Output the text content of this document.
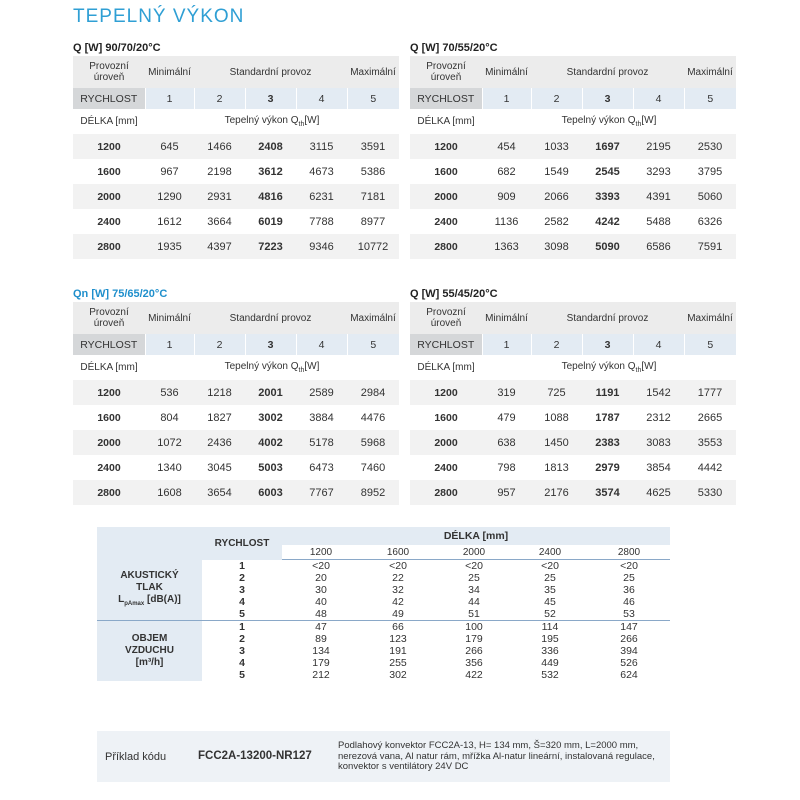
TEPELNÝ VÝKON
Q [W] 90/70/20°C
Provozní úroveň	Minimální	Standardní provoz			Maximální
RYCHLOST	1	2	3	4	5
DÉLKA [mm]	Tepelný výkon $Q_{th}[W]$				
1200	645	1466	2408	3115	3591
1600	967	2198	3612	4673	5386
2000	1290	2931	4816	6231	7181
2400	1612	3664	6019	7788	8977
2800	1935	4397	7223	9346	10772
Q [W] 70/55/20°C
Provozní úroveň	Minimální	Standardní provoz			Maximální
RYCHLOST	1	2	3	4	5
DÉLKA [mm]	Tepelný výkon $Q_{th}[W]$				
1200	454	1033	1697	2195	2530
1600	682	1549	2545	3293	3795
2000	909	2066	3393	4391	5060
2400	1136	2582	4242	5488	6326
2800	1363	3098	5090	6586	7591
Qn [W] 75/65/20°C
Provozní úroveň	Minimální	Standardní provoz			Maximální
RYCHLOST	1	2	3	4	5
DÉLKA [mm]	Tepelný výkon $Q_{th}[W]$				
1200	536	1218	2001	2589	2984
1600	804	1827	3002	3884	4476
2000	1072	2436	4002	5178	5968
2400	1340	3045	5003	6473	7460
2800	1608	3654	6003	7767	8952
Q [W] 55/45/20°C
Provozní úroveň	Minimální	Standardní provoz			Maximální
RYCHLOST	1	2	3	4	5
DÉLKA [mm]	Tepelný výkon $Q_{th}[W]$				
1200	319	725	1191	1542	1777
1600	479	1088	1787	2312	2665
2000	638	1450	2383	3083	3553
2400	798	1813	2979	3854	4442
2800	957	2176	3574	4625	5330
	RYCHLOST	DÉLKA [mm]				
		1200	1600	2000	2400	2800
AKUSTICKÝ
TLAK
$L_{pAmax}$ [dB(A)]	1	<20	<20	<20	<20	<20
	2	20	22	25	25	25
	3	30	32	34	35	36
	4	40	42	44	45	46
	5	48	49	51	52	53
OBJEM
VZDUCHU
[m³/h]	1	47	66	100	114	147
	2	89	123	179	195	266
	3	134	191	266	336	394
	4	179	255	356	449	526
	5	212	302	422	532	624
Příklad kódu	FCC2A-13200-NR127
Podlahový konvektor FCC2A-13, H= 134 mm, Š=320 mm, L=2000 mm, nerezová vana, Al natur rám, mřížka Al-natur lineární, instalovaná regulace, konvektor s ventilátory 24V DC
